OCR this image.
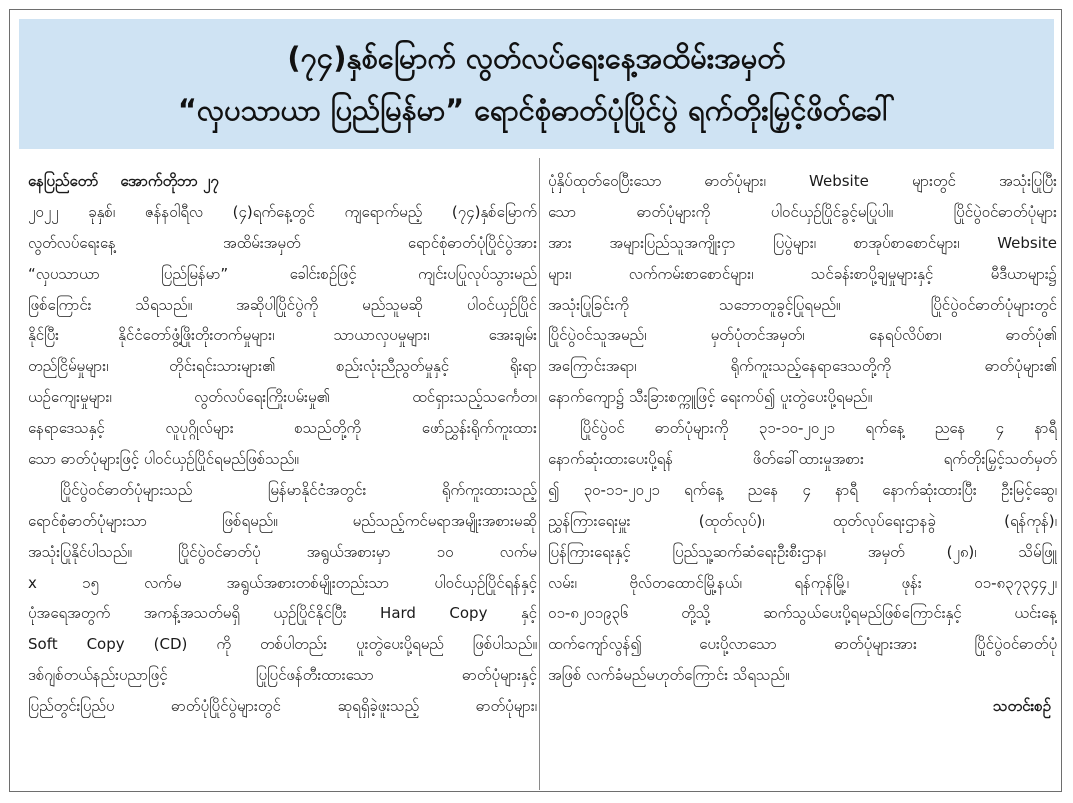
(၇၄)နှစ်မြောက် လွတ်လပ်ရေးနေ့အထိမ်းအမှတ်
“လှပသာယာ ပြည်မြန်မာ” ရောင်စုံဓာတ်ပုံပြိုင်ပွဲ ရက်တိုးမြှင့်ဖိတ်ခေါ်
နေပြည်တော် အောက်တိုဘာ ၂၇
၂၀၂၂ ခုနှစ်၊ ဇန်နဝါရီလ (၄)ရက်နေ့တွင် ကျရောက်မည့် (၇၄)နှစ်မြောက်
လွတ်လပ်ရေးနေ့ အထိမ်းအမှတ် ရောင်စုံဓာတ်ပုံပြိုင်ပွဲအား
“လှပသာယာ ပြည်မြန်မာ” ခေါင်းစဉ်ဖြင့် ကျင်းပပြုလုပ်သွားမည်
ဖြစ်ကြောင်း သိရသည်။ အဆိုပါပြိုင်ပွဲကို မည်သူမဆို ပါဝင်ယှဉ်ပြိုင်
နိုင်ပြီး နိုင်ငံတော်ဖွံ့ဖြိုးတိုးတက်မှုများ၊ သာယာလှပမှုများ၊ အေးချမ်း
တည်ငြိမ်မှုများ၊ တိုင်းရင်းသားများ၏ စည်းလုံးညီညွတ်မှုနှင့် ရိုးရာ
ယဉ်ကျေးမှုများ၊ လွတ်လပ်ရေးကြိုးပမ်းမှု၏ ထင်ရှားသည့်သင်္ကေတ၊
နေရာဒေသနှင့် လူပုဂ္ဂိုလ်များ စသည်တို့ကို ဖော်ညွှန်းရိုက်ကူးထား
သော ဓာတ်ပုံများဖြင့် ပါဝင်ယှဉ်ပြိုင်ရမည်ဖြစ်သည်။
ပြိုင်ပွဲဝင်ဓာတ်ပုံများသည် မြန်မာနိုင်ငံအတွင်း ရိုက်ကူးထားသည့်
ရောင်စုံဓာတ်ပုံများသာ ဖြစ်ရမည်။ မည်သည့်ကင်မရာအမျိုးအစားမဆို
အသုံးပြုနိုင်ပါသည်။ ပြိုင်ပွဲဝင်ဓာတ်ပုံ အရွယ်အစားမှာ ၁၀ လက်မ
x ၁၅ လက်မ အရွယ်အစားတစ်မျိုးတည်းသာ ပါဝင်ယှဉ်ပြိုင်ရန်နှင့်
ပုံအရေအတွက် အကန့်အသတ်မရှိ ယှဉ်ပြိုင်နိုင်ပြီး Hard Copy နှင့်
Soft Copy (CD) ကို တစ်ပါတည်း ပူးတွဲပေးပို့ရမည် ဖြစ်ပါသည်။
ဒစ်ဂျစ်တယ်နည်းပညာဖြင့် ပြုပြင်ဖန်တီးထားသော ဓာတ်ပုံများနှင့်
ပြည်တွင်းပြည်ပ ဓာတ်ပုံပြိုင်ပွဲများတွင် ဆုရရှိခဲ့ဖူးသည့် ဓာတ်ပုံများ၊
ပုံနှိပ်ထုတ်ဝေပြီးသော ဓာတ်ပုံများ၊ Website များတွင် အသုံးပြုပြီး
သော ဓာတ်ပုံများကို ပါဝင်ယှဉ်ပြိုင်ခွင့်မပြုပါ။ ပြိုင်ပွဲဝင်ဓာတ်ပုံများ
အား အများပြည်သူအကျိုးငှာ ပြပွဲများ၊ စာအုပ်စာစောင်များ၊ Website
များ၊ လက်ကမ်းစာစောင်များ၊ သင်ခန်းစာပို့ချမှုများနှင့် မီဒီယာများ၌
အသုံးပြုခြင်းကို သဘောတူခွင့်ပြုရမည်။ ပြိုင်ပွဲဝင်ဓာတ်ပုံများတွင်
ပြိုင်ပွဲဝင်သူအမည်၊ မှတ်ပုံတင်အမှတ်၊ နေရပ်လိပ်စာ၊ ဓာတ်ပုံ၏
အကြောင်းအရာ၊ ရိုက်ကူးသည့်နေရာဒေသတို့ကို ဓာတ်ပုံများ၏
နောက်ကျော၌ သီးခြားစက္ကူဖြင့် ရေးကပ်၍ ပူးတွဲပေးပို့ရမည်။
ပြိုင်ပွဲဝင် ဓာတ်ပုံများကို ၃၁-၁၀-၂၀၂၁ ရက်နေ့ ညနေ ၄ နာရီ
နောက်ဆုံးထားပေးပို့ရန် ဖိတ်ခေါ်ထားမှုအစား ရက်တိုးမြှင့်သတ်မှတ်
၍ ၃၀-၁၁-၂၀၂၁ ရက်နေ့ ညနေ ၄ နာရီ နောက်ဆုံးထားပြီး ဦးမြင့်ဆွေ၊
ညွှန်ကြားရေးမှူး (ထုတ်လုပ်)၊ ထုတ်လုပ်ရေးဌာနခွဲ (ရန်ကုန်)၊
ပြန်ကြားရေးနှင့် ပြည်သူ့ဆက်ဆံရေးဦးစီးဌာန၊ အမှတ် (၂၈)၊ သိမ်ဖြူ
လမ်း၊ ဗိုလ်တထောင်မြို့နယ်၊ ရန်ကုန်မြို့၊ ဖုန်း ၀၁-၈၃၇၃၄၄၂၊
၀၁-၈၂၀၁၉၃၆ တို့သို့ ဆက်သွယ်ပေးပို့ရမည်ဖြစ်ကြောင်းနှင့် ယင်းနေ့
ထက်ကျော်လွန်၍ ပေးပို့လာသော ဓာတ်ပုံများအား ပြိုင်ပွဲဝင်ဓာတ်ပုံ
အဖြစ် လက်ခံမည်မဟုတ်ကြောင်း သိရသည်။
သတင်းစဉ်
